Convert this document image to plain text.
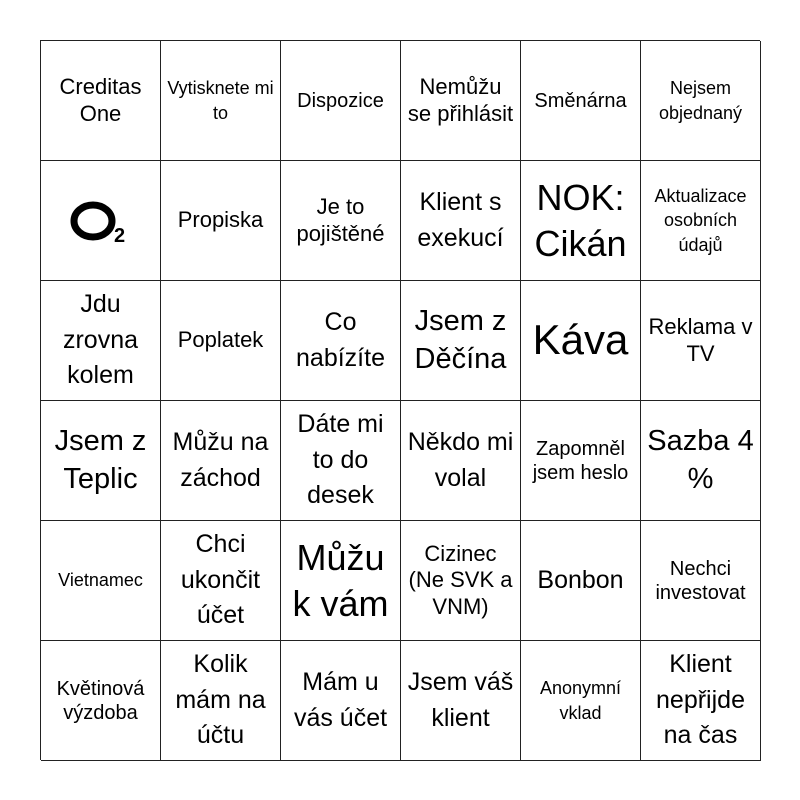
Creditas One
Vytisknete mi to
Dispozice
Nemůžu se přihlásit Směnárna
Nejsem objednaný
2
Propiska
Je to pojištěné
Klient s exekucí
NOK: Cikán
Aktualizace osobních údajů
Jdu zrovna kolem
Poplatek
Co nabízíte
Jsem z Děčína Káva Reklama v TV
Jsem z Teplic
Můžu na záchod
Dáte mi to do desek
Někdo mi volal
Zapomněl jsem heslo
Sazba 4 %
Vietnamec
Chci ukončit účet
Můžu k vám
Cizinec (Ne SVK a VNM)
Bonbon	Nechci investovat
Květinová výzdoba
Kolik mám na účtu
Mám u vás účet
Jsem váš klient
Anonymní vklad
Klient nepřijde na čas
